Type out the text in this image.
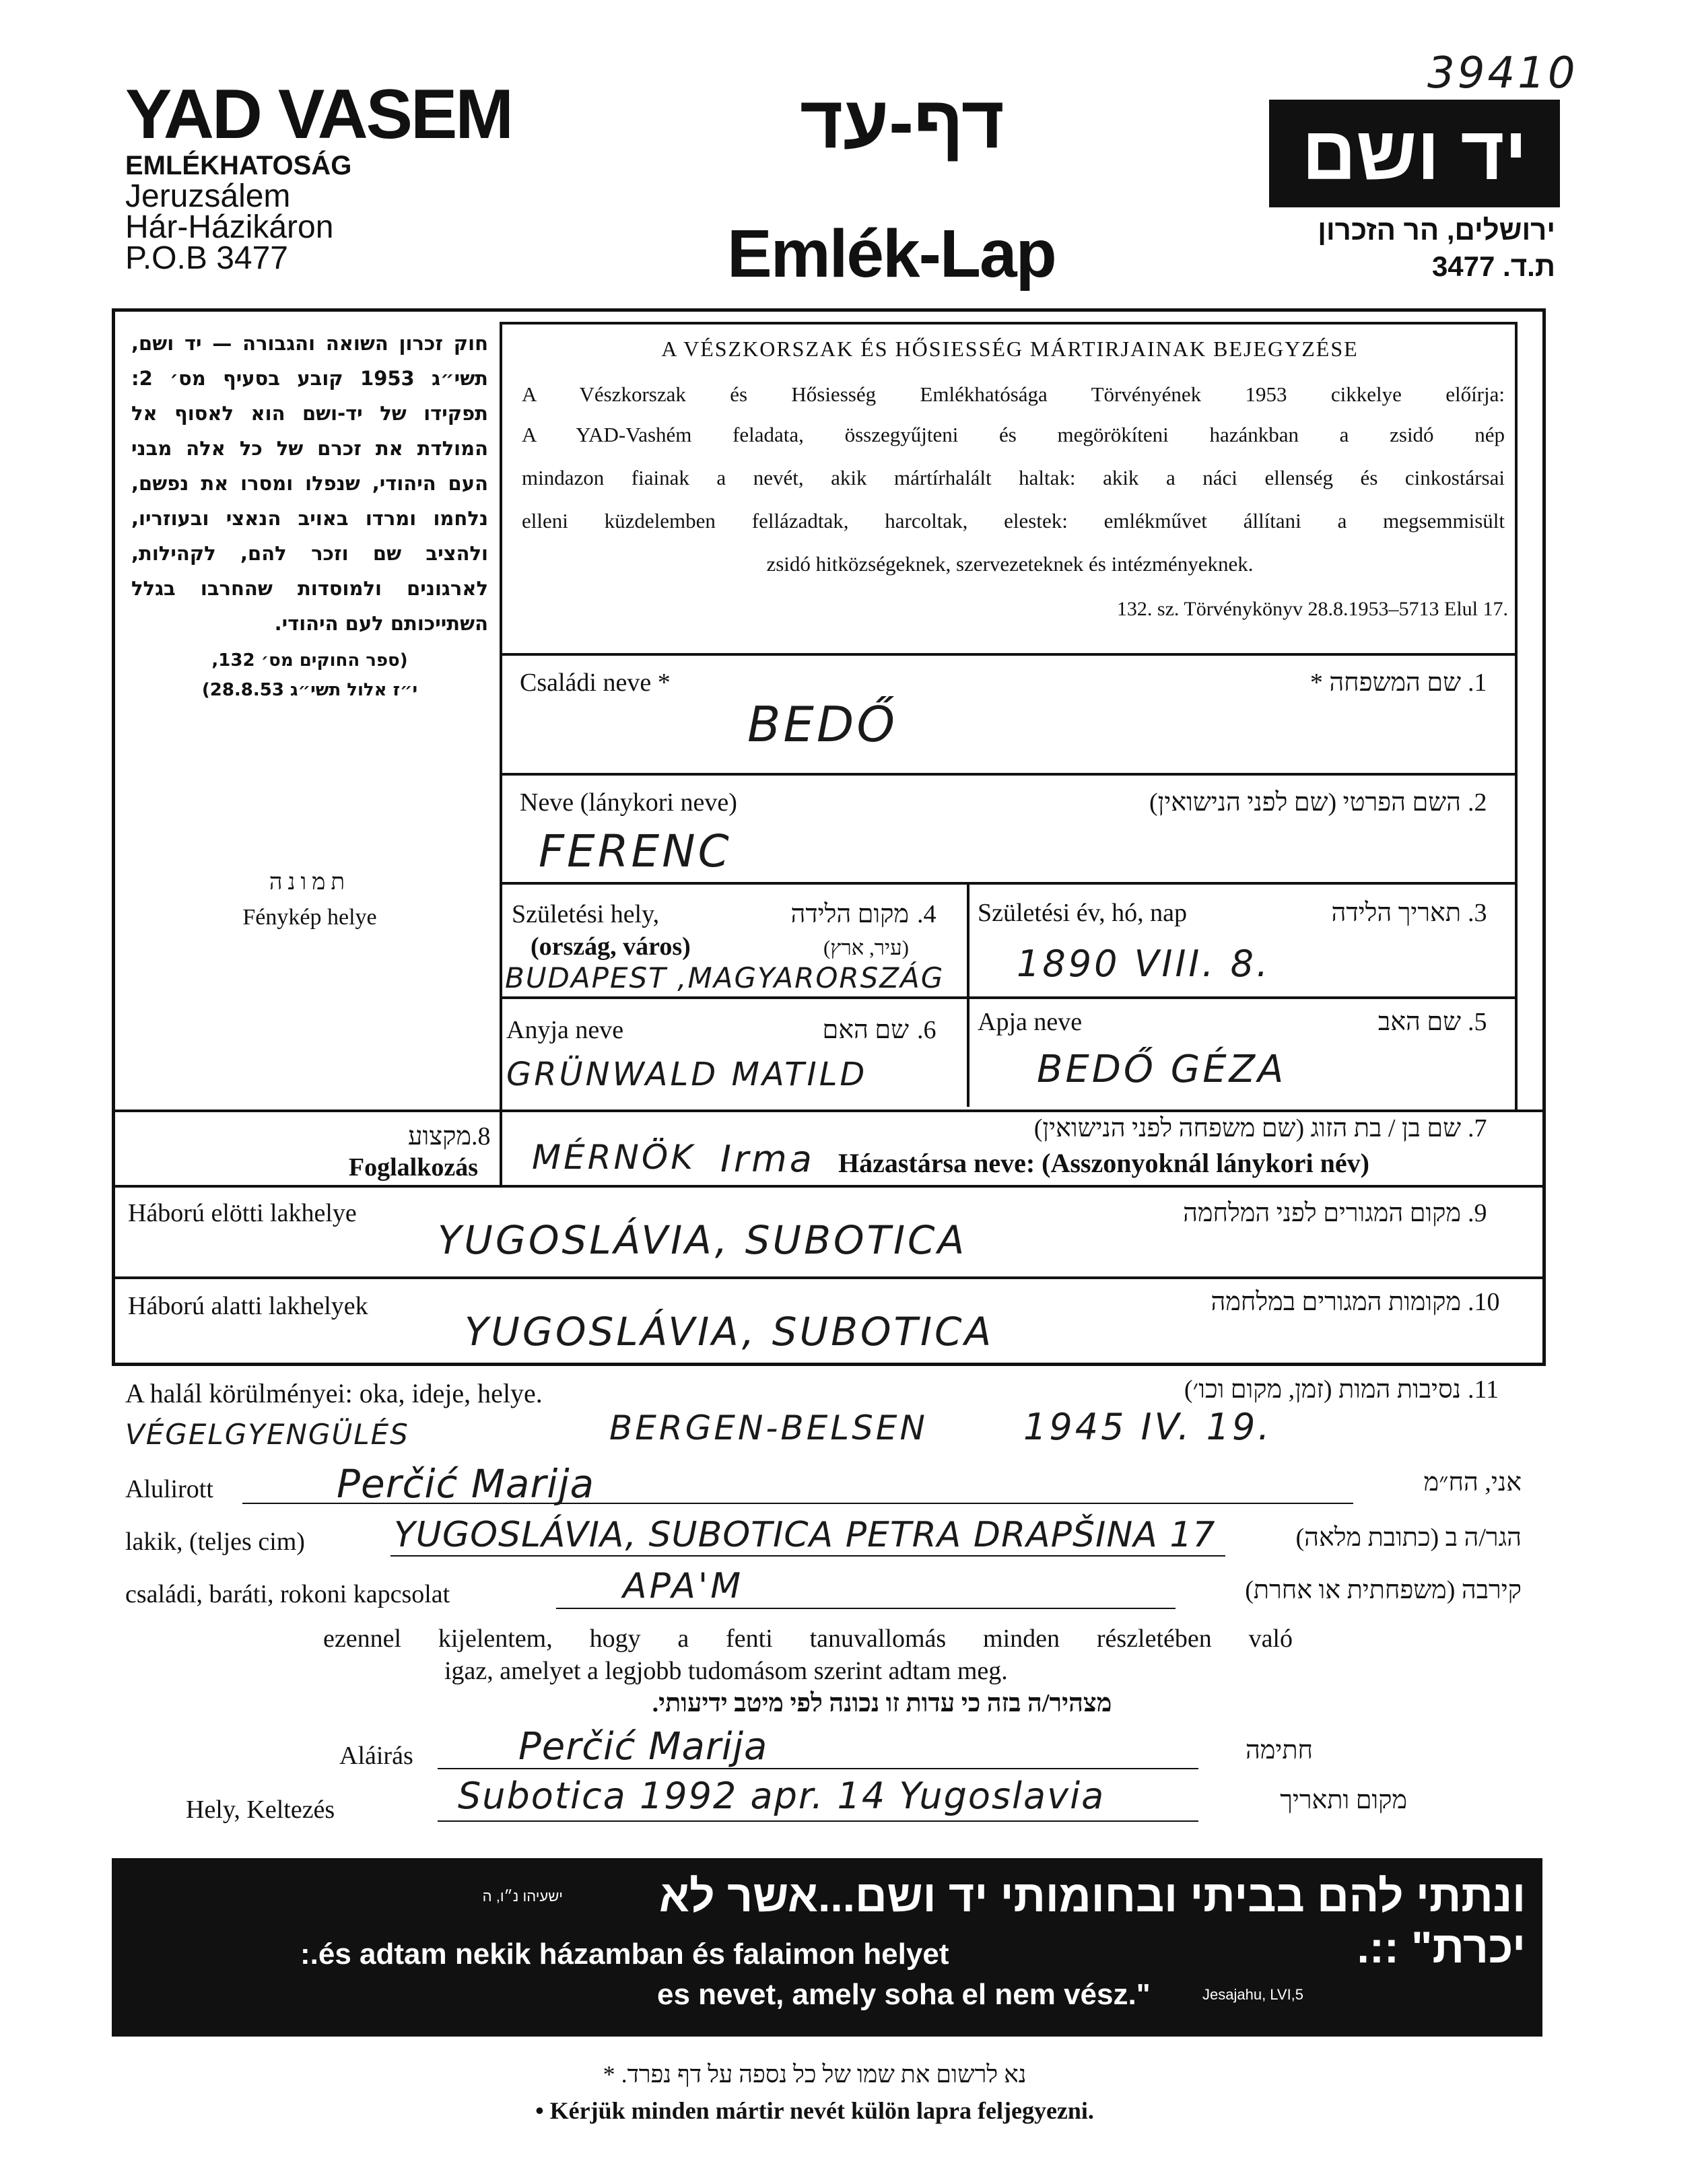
39410
YAD VASEM
EMLÉKHATOSÁG
Jeruzsálem
Hár-Házikáron
P.O.B 3477
דף-עד
Emlék-Lap
יד ושם
ירושלים, הר הזכרון
ת.ד. 3477
חוק זכרון השואה והגבורה — יד ושם, תשי״ג 1953 קובע בסעיף מס׳ 2: תפקידו של יד-ושם הוא לאסוף אל המולדת את זכרם של כל אלה מבני העם היהודי, שנפלו ומסרו את נפשם, נלחמו ומרדו באויב הנאצי ובעוזריו, ולהציב שם וזכר להם, לקהילות, לארגונים ולמוסדות שהחרבו בגלל השתייכותם לעם היהודי.
(ספר החוקים מס׳ 132,
י״ז אלול תשי״ג 28.8.53)
תמונה
Fénykép helye
A VÉSZKORSZAK ÉS HŐSIESSÉG MÁRTIRJAINAK BEJEGYZÉSE
A Vészkorszak és Hősiesség Emlékhatósága Törvényének 1953 cikkelye előírja:
A YAD-Vashém feladata, összegyűjteni és megörökíteni hazánkban a zsidó nép
mindazon fiainak a nevét, akik mártírhalált haltak: akik a náci ellenség és cinkostársai
elleni küzdelemben fellázadtak, harcoltak, elestek: emlékművet állítani a megsemmisült
zsidó hitközségeknek, szervezeteknek és intézményeknek.
132. sz. Törvénykönyv 28.8.1953–5713 Elul 17.
Családi neve *	שם המשפחה * .1
BEDŐ
Neve (lánykori neve)	השם הפרטי (שם לפני הנישואין) .2
FERENC
Születési hely,	מקום הלידה .4
(ország, város)	(עיר, ארץ)
BUDAPEST ,MAGYARORSZÁG
Születési év, hó, nap	תאריך הלידה .3
1890 VIII. 8.
Anyja neve	שם האם .6
GRÜNWALD MATILD
Apja neve	שם האב .5
BEDŐ GÉZA
מקצוע .8
Foglalkozás MÉRNÖK
שם בן / בת הזוג (שם משפחה לפני הנישואין) .7
Irma Házastársa neve: (Asszonyoknál lánykori név)
Háború elötti lakhelye	מקום המגורים לפני המלחמה .9
YUGOSLÁVIA, SUBOTICA
Háború alatti lakhelyek	מקומות המגורים במלחמה .10
YUGOSLÁVIA, SUBOTICA
A halál körülményei: oka, ideje, helye.	נסיבות המות (זמן, מקום וכו׳) .11
VÉGELGYENGÜLÉS	BERGEN-BELSEN	1945 IV. 19.
Alulirott	Perčić Marija	אני, הח״מ
lakik, (teljes cim)	YUGOSLÁVIA, SUBOTICA PETRA DRAPŠINA 17	הגר/ה ב (כתובת מלאה)
családi, baráti, rokoni kapcsolat	APA'M	קירבה (משפחתית או אחרת)
ezennel kijelentem, hogy a fenti tanuvallomás minden részletében való
igaz, amelyet a legjobb tudomásom szerint adtam meg.
מצהיר/ה בזה כי עדות זו נכונה לפי מיטב ידיעותי.
Aláirás	Perčić Marija	חתימה
Hely, Keltezés	Subotica 1992 apr. 14 Yugoslavia	מקום ותאריך
ונתתי להם בביתי ובחומותי יד ושם...אשר לא יכרת" ::.
ישעיהו נ״ו, ה
:.és adtam nekik házamban és falaimon helyet
es nevet, amely soha el nem vész."	Jesajahu, LVI,5
נא לרשום את שמו של כל נספה על דף נפרד. *
• Kérjük minden mártir nevét külön lapra feljegyezni.
